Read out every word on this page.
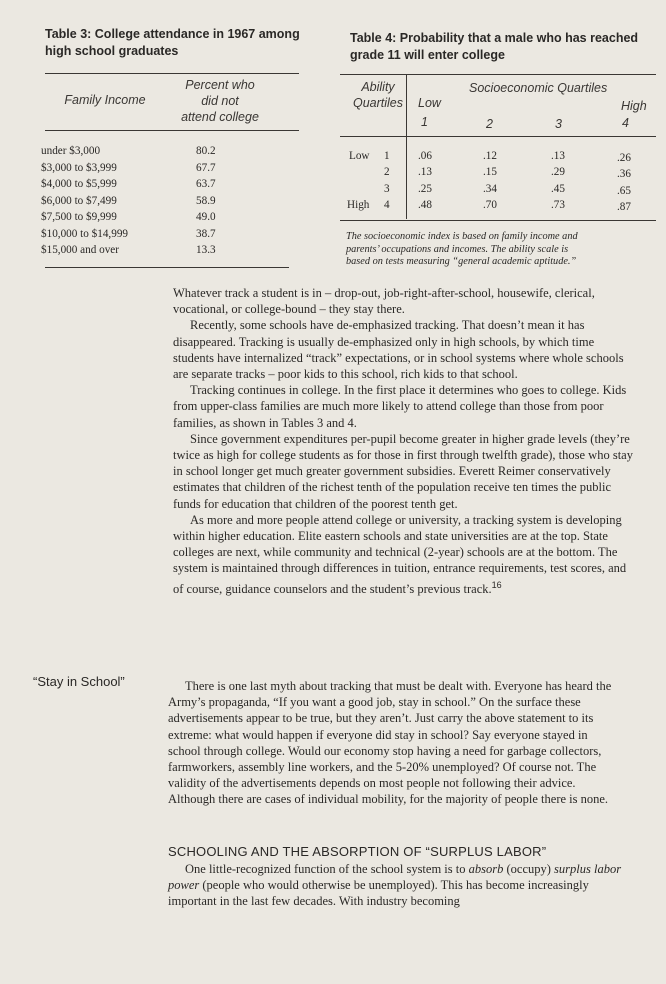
Table 3: College attendance in 1967 among
high school graduates
Family Income
Percent who
did not
attend college
under $3,000	80.2
$3,000 to $3,999	67.7
$4,000 to $5,999	63.7
$6,000 to $7,499	58.9
$7,500 to $9,999	49.0
$10,000 to $14,999	38.7
$15,000 and over	13.3
Table 4: Probability that a male who has reached
grade 11 will enter college
Ability
Quartiles
Socioeconomic Quartiles
Low	High
1	2	3	4
Low 1	.06	.12	.13	.26
2	.13	.15	.29	.36
3	.25	.34	.45	.65
High 4	.48	.70	.73	.87
The socioeconomic index is based on family income and
parents’ occupations and incomes. The ability scale is
based on tests measuring “general academic aptitude.”

Whatever track a student is in – drop-out, job-right-after-school, housewife, clerical, vocational, or college-bound – they stay there.

Recently, some schools have de-emphasized tracking. That doesn’t mean it has disappeared. Tracking is usually de-emphasized only in high schools, by which time students have internalized “track” expectations, or in school systems where whole schools are separate tracks – poor kids to this school, rich kids to that school.

Tracking continues in college. In the first place it determines who goes to college. Kids from upper-class families are much more likely to attend college than those from poor families, as shown in Tables 3 and 4.

Since government expenditures per-pupil become greater in higher grade levels (they’re twice as high for college students as for those in first through twelfth grade), those who stay in school longer get much greater government subsidies. Everett Reimer conservatively estimates that children of the richest tenth of the population receive ten times the public funds for education that children of the poorest tenth get.

As more and more people attend college or university, a tracking system is developing within higher education. Elite eastern schools and state universities are at the top. State colleges are next, while community and technical (2-year) schools are at the bottom. The system is maintained through differences in tuition, entrance requirements, test scores, and of course, guidance counselors and the student’s previous track.$^{16}$

“Stay in School”	There is one last myth about tracking that must be dealt with. Everyone has heard the Army’s propaganda, “If you want a good job, stay in school.” On the surface these advertisements appear to be true, but they aren’t. Just carry the above statement to its extreme: what would happen if everyone did stay in school? Say everyone stayed in school through college. Would our economy stop having a need for garbage collectors, farmworkers, assembly line workers, and the 5-20% unemployed? Of course not. The validity of the advertisements depends on most people not following their advice. Although there are cases of individual mobility, for the majority of people there is none.

SCHOOLING AND THE ABSORPTION OF “SURPLUS LABOR”

One little-recognized function of the school system is to absorb (occupy) surplus labor power (people who would otherwise be unemployed). This has become increasingly important in the last few decades. With industry becoming
